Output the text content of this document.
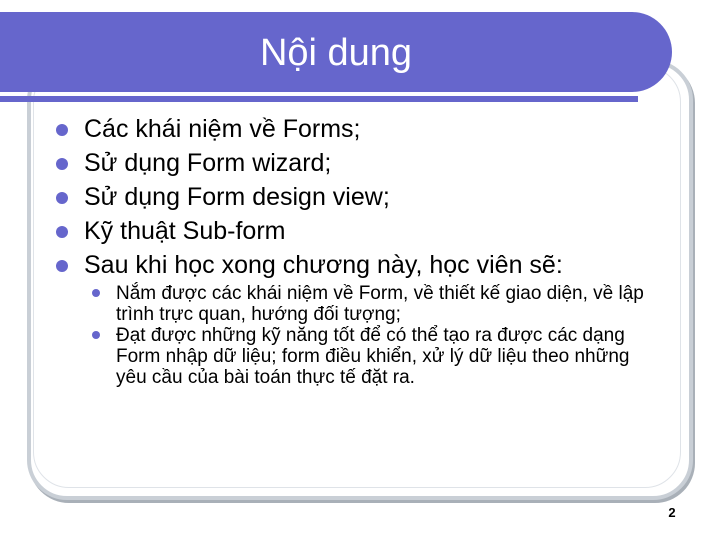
Nội dung
Các khái niệm về Forms;
Sử dụng Form wizard;
Sử dụng Form design view;
Kỹ thuật Sub-form
Sau khi học xong chương này, học viên sẽ:
Nắm được các khái niệm về Form, về thiết kế giao diện, về lập trình trực quan, hướng đối tượng;
Đạt được những kỹ năng tốt để có thể tạo ra được các dạng Form nhập dữ liệu; form điều khiển, xử lý dữ liệu theo những yêu cầu của bài toán thực tế đặt ra.
2
